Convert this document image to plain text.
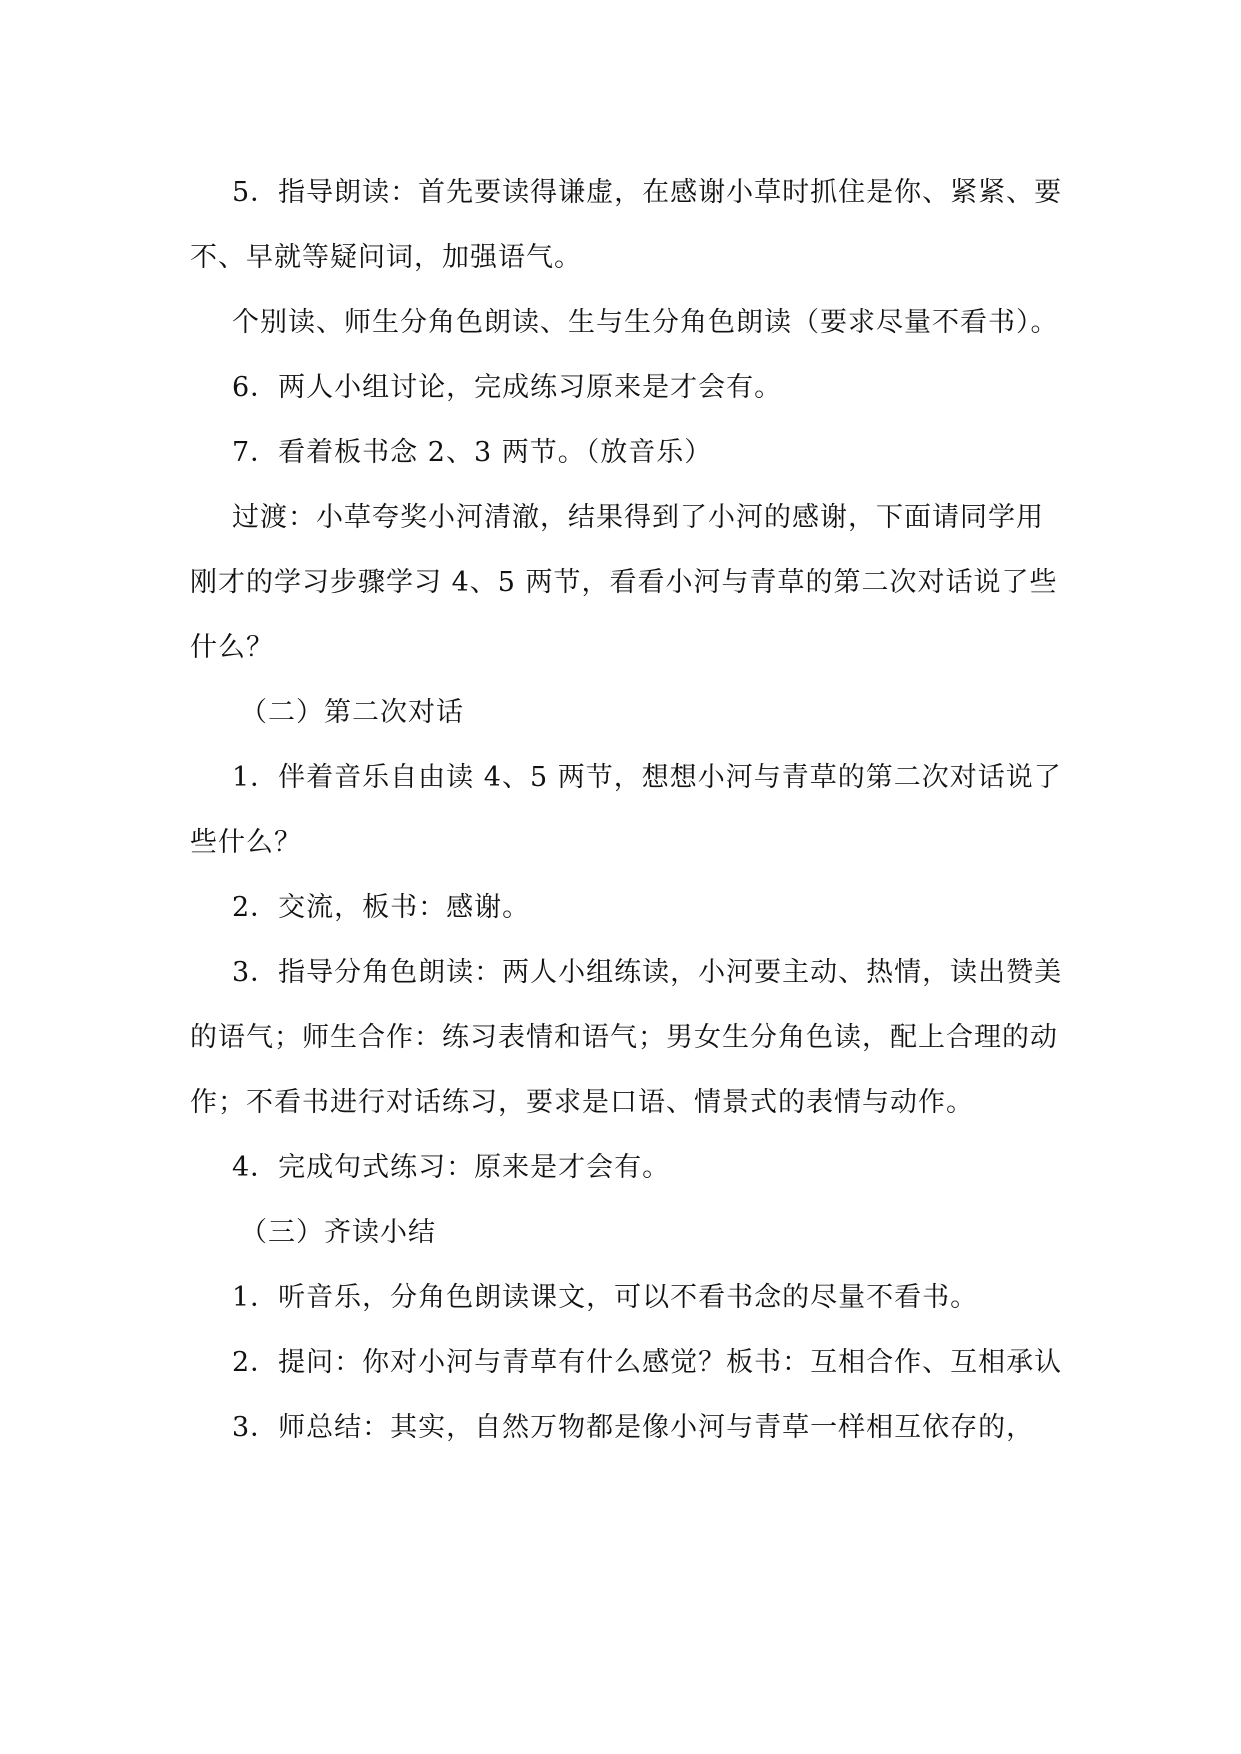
5．指导朗读：首先要读得谦虚，在感谢小草时抓住是你、紧紧、要不、早就等疑问词，加强语气。

个别读、师生分角色朗读、生与生分角色朗读（要求尽量不看书）。

6．两人小组讨论，完成练习原来是才会有。

7．看着板书念 2、3 两节。（放音乐）

过渡：小草夸奖小河清澈，结果得到了小河的感谢，下面请同学用刚才的学习步骤学习 4、5 两节，看看小河与青草的第二次对话说了些什么？

（二）第二次对话

1．伴着音乐自由读 4、5 两节，想想小河与青草的第二次对话说了些什么？

2．交流，板书：感谢。

3．指导分角色朗读：两人小组练读，小河要主动、热情，读出赞美的语气；师生合作：练习表情和语气；男女生分角色读，配上合理的动作；不看书进行对话练习，要求是口语、情景式的表情与动作。

4．完成句式练习：原来是才会有。

（三）齐读小结

1．听音乐，分角色朗读课文，可以不看书念的尽量不看书。

2．提问：你对小河与青草有什么感觉？板书：互相合作、互相承认

3．师总结：其实，自然万物都是像小河与青草一样相互依存的，
